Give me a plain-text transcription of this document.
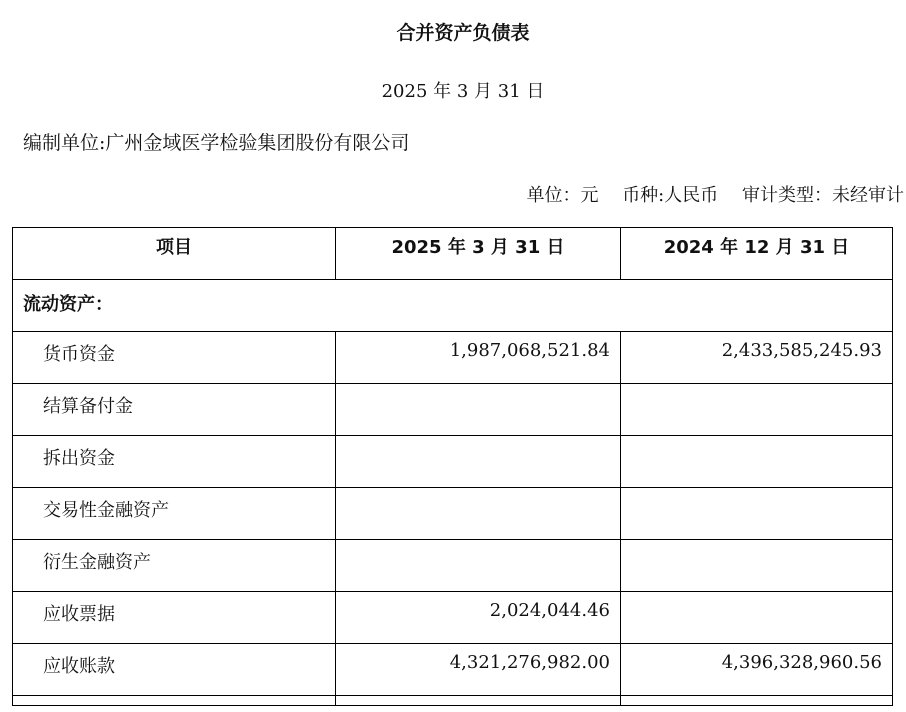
合并资产负债表
2025 年 3 月 31 日
编制单位:广州金域医学检验集团股份有限公司
单位：元 币种:人民币 审计类型：未经审计
项目	2025 年 3 月 31 日	2024 年 12 月 31 日
流动资产：		
货币资金	1,987,068,521.84	2,433,585,245.93
结算备付金		
拆出资金		
交易性金融资产		
衍生金融资产		
应收票据	2,024,044.46	
应收账款	4,321,276,982.00	4,396,328,960.56
